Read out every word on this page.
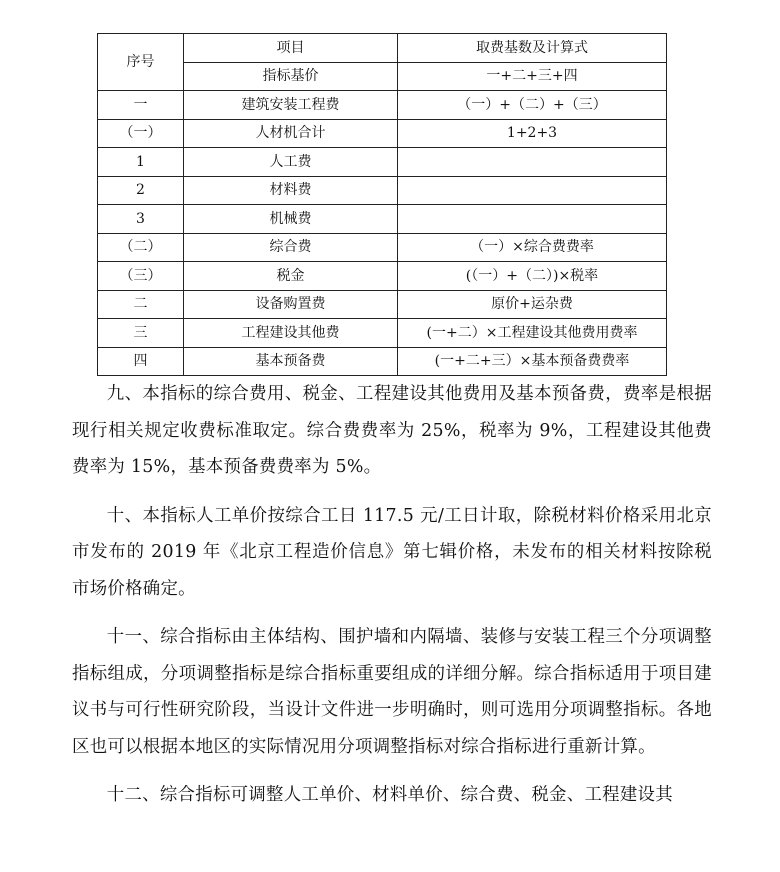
序号	项目	取费基数及计算式
	指标基价	一+二+三+四
一	建筑安装工程费	（一）+（二）+（三）
（一）	人材机合计	1+2+3
1	人工费	
2	材料费	
3	机械费	
（二）	综合费	（一）×综合费费率
（三）	税金	(（一）+（二）)×税率
二	设备购置费	原价+运杂费
三	工程建设其他费	(一+二）×工程建设其他费用费率
四	基本预备费	(一+二+三）×基本预备费费率

九、本指标的综合费用、税金、工程建设其他费用及基本预备费，费率是根据现行相关规定收费标准取定。综合费费率为 25%，税率为 9%，工程建设其他费费率为 15%，基本预备费费率为 5%。

十、本指标人工单价按综合工日 117.5 元/工日计取，除税材料价格采用北京市发布的 2019 年《北京工程造价信息》第七辑价格，未发布的相关材料按除税市场价格确定。

十一、综合指标由主体结构、围护墙和内隔墙、装修与安装工程三个分项调整指标组成，分项调整指标是综合指标重要组成的详细分解。综合指标适用于项目建议书与可行性研究阶段，当设计文件进一步明确时，则可选用分项调整指标。各地区也可以根据本地区的实际情况用分项调整指标对综合指标进行重新计算。

十二、综合指标可调整人工单价、材料单价、综合费、税金、工程建设其
